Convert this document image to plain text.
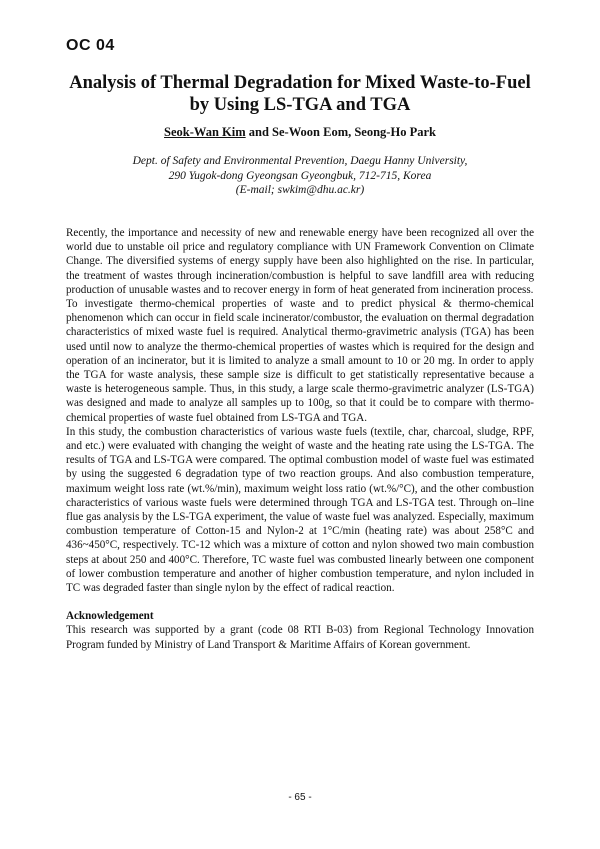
OC 04
Analysis of Thermal Degradation for Mixed Waste-to-Fuel
by Using LS-TGA and TGA

Seok-Wan Kim and Se-Woon Eom, Seong-Ho Park

Dept. of Safety and Environmental Prevention, Daegu Hanny University,
290 Yugok-dong Gyeongsan Gyeongbuk, 712-715, Korea
(E-mail; swkim@dhu.ac.kr)

Recently, the importance and necessity of new and renewable energy have been recognized all over the world due to unstable oil price and regulatory compliance with UN Framework Convention on Climate Change. The diversified systems of energy supply have been also highlighted on the rise. In particular, the treatment of wastes through incineration/combustion is helpful to save landfill area with reducing production of unusable wastes and to recover energy in form of heat generated from incineration process.

To investigate thermo-chemical properties of waste and to predict physical & thermo-chemical phenomenon which can occur in field scale incinerator/combustor, the evaluation on thermal degradation characteristics of mixed waste fuel is required. Analytical thermo-gravimetric analysis (TGA) has been used until now to analyze the thermo-chemical properties of wastes which is required for the design and operation of an incinerator, but it is limited to analyze a small amount to 10 or 20 mg. In order to apply the TGA for waste analysis, these sample size is difficult to get statistically representative because a waste is heterogeneous sample. Thus, in this study, a large scale thermo-gravimetric analyzer (LS-TGA) was designed and made to analyze all samples up to 100g, so that it could be to compare with thermo-chemical properties of waste fuel obtained from LS-TGA and TGA.

In this study, the combustion characteristics of various waste fuels (textile, char, charcoal, sludge, RPF, and etc.) were evaluated with changing the weight of waste and the heating rate using the LS-TGA. The results of TGA and LS-TGA were compared. The optimal combustion model of waste fuel was estimated by using the suggested 6 degradation type of two reaction groups. And also combustion temperature, maximum weight loss rate (wt.%/min), maximum weight loss ratio (wt.%/°C), and the other combustion characteristics of various waste fuels were determined through TGA and LS-TGA test. Through on–line flue gas analysis by the LS-TGA experiment, the value of waste fuel was analyzed. Especially, maximum combustion temperature of Cotton-15 and Nylon-2 at 1°C/min (heating rate) was about 258°C and 436~450°C, respectively. TC-12 which was a mixture of cotton and nylon showed two main combustion steps at about 250 and 400°C. Therefore, TC waste fuel was combusted linearly between one component of lower combustion temperature and another of higher combustion temperature, and nylon included in TC was degraded faster than single nylon by the effect of radical reaction.

Acknowledgement

This research was supported by a grant (code 08 RTI B-03) from Regional Technology Innovation Program funded by Ministry of Land Transport & Maritime Affairs of Korean government.

- 65 -
